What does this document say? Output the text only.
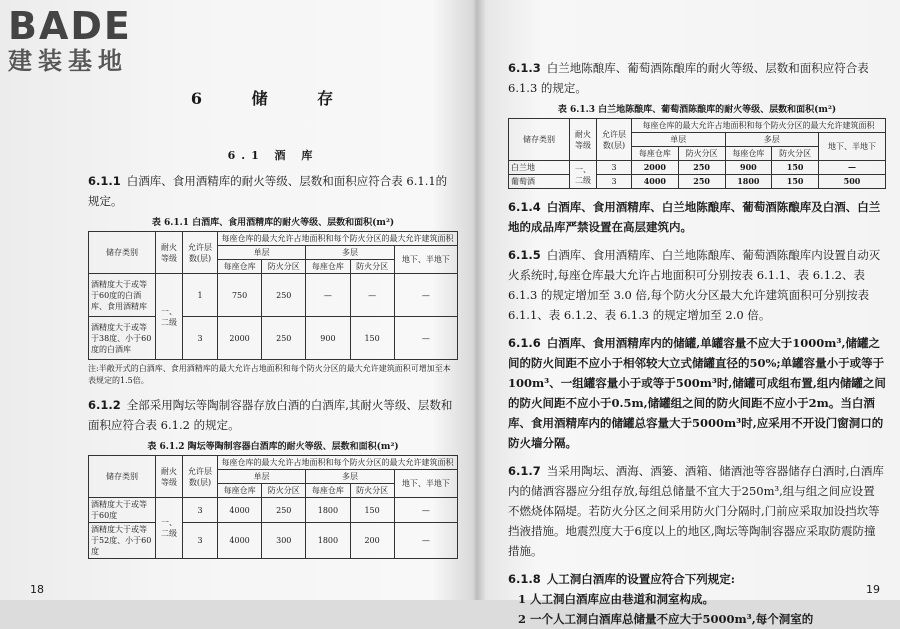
BADE
建装基地
6 储 存
6.1 酒 库

6.1.1 白酒库、食用酒精库的耐火等级、层数和面积应符合表 6.1.1的规定。

表 6.1.1 白酒库、食用酒精库的耐火等级、层数和面积(m²)
储存类别	耐火等级	允许层数(层)	每座仓库的最大允许占地面积和每个防火分区的最大允许建筑面积				
			单层		多层		地下、半地下
			每座仓库	防火分区	每座仓库	防火分区	
酒精度大于或等于60度的白酒库、食用酒精库	一、二级	1	750	250	—	—	—
酒精度大于或等于38度、小于60度的白酒库		3	2000	250	900	150	—
注:半敞开式的白酒库、食用酒精库的最大允许占地面积和每个防火分区的最大允许建筑面积可增加至本表规定的1.5倍。

6.1.2 全部采用陶坛等陶制容器存放白酒的白酒库,其耐火等级、层数和面积应符合表 6.1.2 的规定。

表 6.1.2 陶坛等陶制容器白酒库的耐火等级、层数和面积(m²)
储存类别	耐火等级	允许层数(层)	每座仓库的最大允许占地面积和每个防火分区的最大允许建筑面积				
			单层		多层		地下、半地下
			每座仓库	防火分区	每座仓库	防火分区	
酒精度大于或等于60度	一、二级	3	4000	250	1800	150	—
酒精度大于或等于52度、小于60度		3	4000	300	1800	200	—
18

6.1.3 白兰地陈酿库、葡萄酒陈酿库的耐火等级、层数和面积应符合表 6.1.3 的规定。

表 6.1.3 白兰地陈酿库、葡萄酒陈酿库的耐火等级、层数和面积(m²)
储存类别	耐火等级	允许层数(层)	每座仓库的最大允许占地面积和每个防火分区的最大允许建筑面积				
			单层		多层		地下、半地下
			每座仓库	防火分区	每座仓库	防火分区	
白兰地	一、二级	3	2000	250	900	150	—
葡萄酒		3	4000	250	1800	150	500

6.1.4 白酒库、食用酒精库、白兰地陈酿库、葡萄酒陈酿库及白酒、白兰地的成品库严禁设置在高层建筑内。

6.1.5 白酒库、食用酒精库、白兰地陈酿库、葡萄酒陈酿库内设置自动灭火系统时,每座仓库最大允许占地面积可分别按表 6.1.1、表 6.1.2、表 6.1.3 的规定增加至 3.0 倍,每个防火分区最大允许建筑面积可分别按表 6.1.1、表 6.1.2、表 6.1.3 的规定增加至 2.0 倍。

6.1.6 白酒库、食用酒精库内的储罐,单罐容量不应大于1000m³,储罐之间的防火间距不应小于相邻较大立式储罐直径的50%;单罐容量小于或等于100m³、一组罐容量小于或等于500m³时,储罐可成组布置,组内储罐之间的防火间距不应小于0.5m,储罐组之间的防火间距不应小于2m。当白酒库、食用酒精库内的储罐总容量大于5000m³时,应采用不开设门窗洞口的防火墙分隔。

6.1.7 当采用陶坛、酒海、酒篓、酒箱、储酒池等容器储存白酒时,白酒库内的储酒容器应分组存放,每组总储量不宜大于250m³,组与组之间应设置不燃烧体隔堤。若防火分区之间采用防火门分隔时,门前应采取加设挡坎等挡液措施。地震烈度大于6度以上的地区,陶坛等陶制容器应采取防震防撞措施。

6.1.8 人工洞白酒库的设置应符合下列规定:

1 人工洞白酒库应由巷道和洞室构成。

2 一个人工洞白酒库总储量不应大于5000m³,每个洞室的

19
